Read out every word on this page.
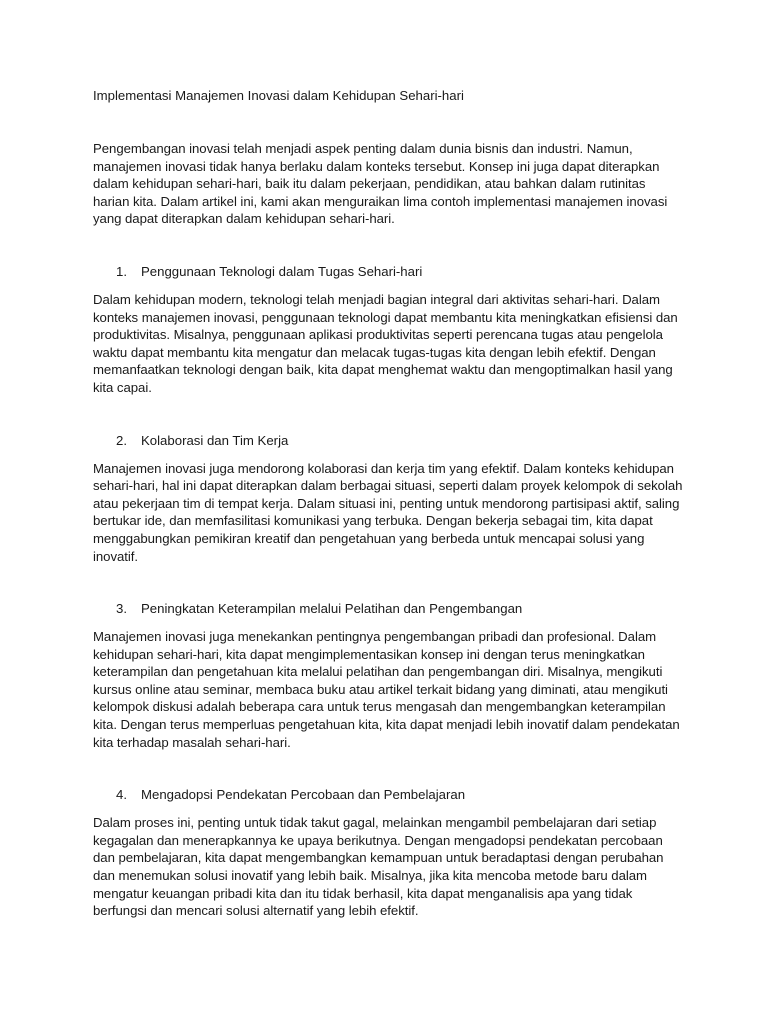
Implementasi Manajemen Inovasi dalam Kehidupan Sehari-hari

Pengembangan inovasi telah menjadi aspek penting dalam dunia bisnis dan industri. Namun, manajemen inovasi tidak hanya berlaku dalam konteks tersebut. Konsep ini juga dapat diterapkan dalam kehidupan sehari-hari, baik itu dalam pekerjaan, pendidikan, atau bahkan dalam rutinitas harian kita. Dalam artikel ini, kami akan menguraikan lima contoh implementasi manajemen inovasi yang dapat diterapkan dalam kehidupan sehari-hari.

1.	Penggunaan Teknologi dalam Tugas Sehari-hari

Dalam kehidupan modern, teknologi telah menjadi bagian integral dari aktivitas sehari-hari. Dalam konteks manajemen inovasi, penggunaan teknologi dapat membantu kita meningkatkan efisiensi dan produktivitas. Misalnya, penggunaan aplikasi produktivitas seperti perencana tugas atau pengelola waktu dapat membantu kita mengatur dan melacak tugas-tugas kita dengan lebih efektif. Dengan memanfaatkan teknologi dengan baik, kita dapat menghemat waktu dan mengoptimalkan hasil yang kita capai.

2.	Kolaborasi dan Tim Kerja

Manajemen inovasi juga mendorong kolaborasi dan kerja tim yang efektif. Dalam konteks kehidupan sehari-hari, hal ini dapat diterapkan dalam berbagai situasi, seperti dalam proyek kelompok di sekolah atau pekerjaan tim di tempat kerja. Dalam situasi ini, penting untuk mendorong partisipasi aktif, saling bertukar ide, dan memfasilitasi komunikasi yang terbuka. Dengan bekerja sebagai tim, kita dapat menggabungkan pemikiran kreatif dan pengetahuan yang berbeda untuk mencapai solusi yang inovatif.

3.	Peningkatan Keterampilan melalui Pelatihan dan Pengembangan

Manajemen inovasi juga menekankan pentingnya pengembangan pribadi dan profesional. Dalam kehidupan sehari-hari, kita dapat mengimplementasikan konsep ini dengan terus meningkatkan keterampilan dan pengetahuan kita melalui pelatihan dan pengembangan diri. Misalnya, mengikuti kursus online atau seminar, membaca buku atau artikel terkait bidang yang diminati, atau mengikuti kelompok diskusi adalah beberapa cara untuk terus mengasah dan mengembangkan keterampilan kita. Dengan terus memperluas pengetahuan kita, kita dapat menjadi lebih inovatif dalam pendekatan kita terhadap masalah sehari-hari.

4.	Mengadopsi Pendekatan Percobaan dan Pembelajaran

Dalam proses ini, penting untuk tidak takut gagal, melainkan mengambil pembelajaran dari setiap kegagalan dan menerapkannya ke upaya berikutnya. Dengan mengadopsi pendekatan percobaan dan pembelajaran, kita dapat mengembangkan kemampuan untuk beradaptasi dengan perubahan dan menemukan solusi inovatif yang lebih baik. Misalnya, jika kita mencoba metode baru dalam mengatur keuangan pribadi kita dan itu tidak berhasil, kita dapat menganalisis apa yang tidak berfungsi dan mencari solusi alternatif yang lebih efektif.
